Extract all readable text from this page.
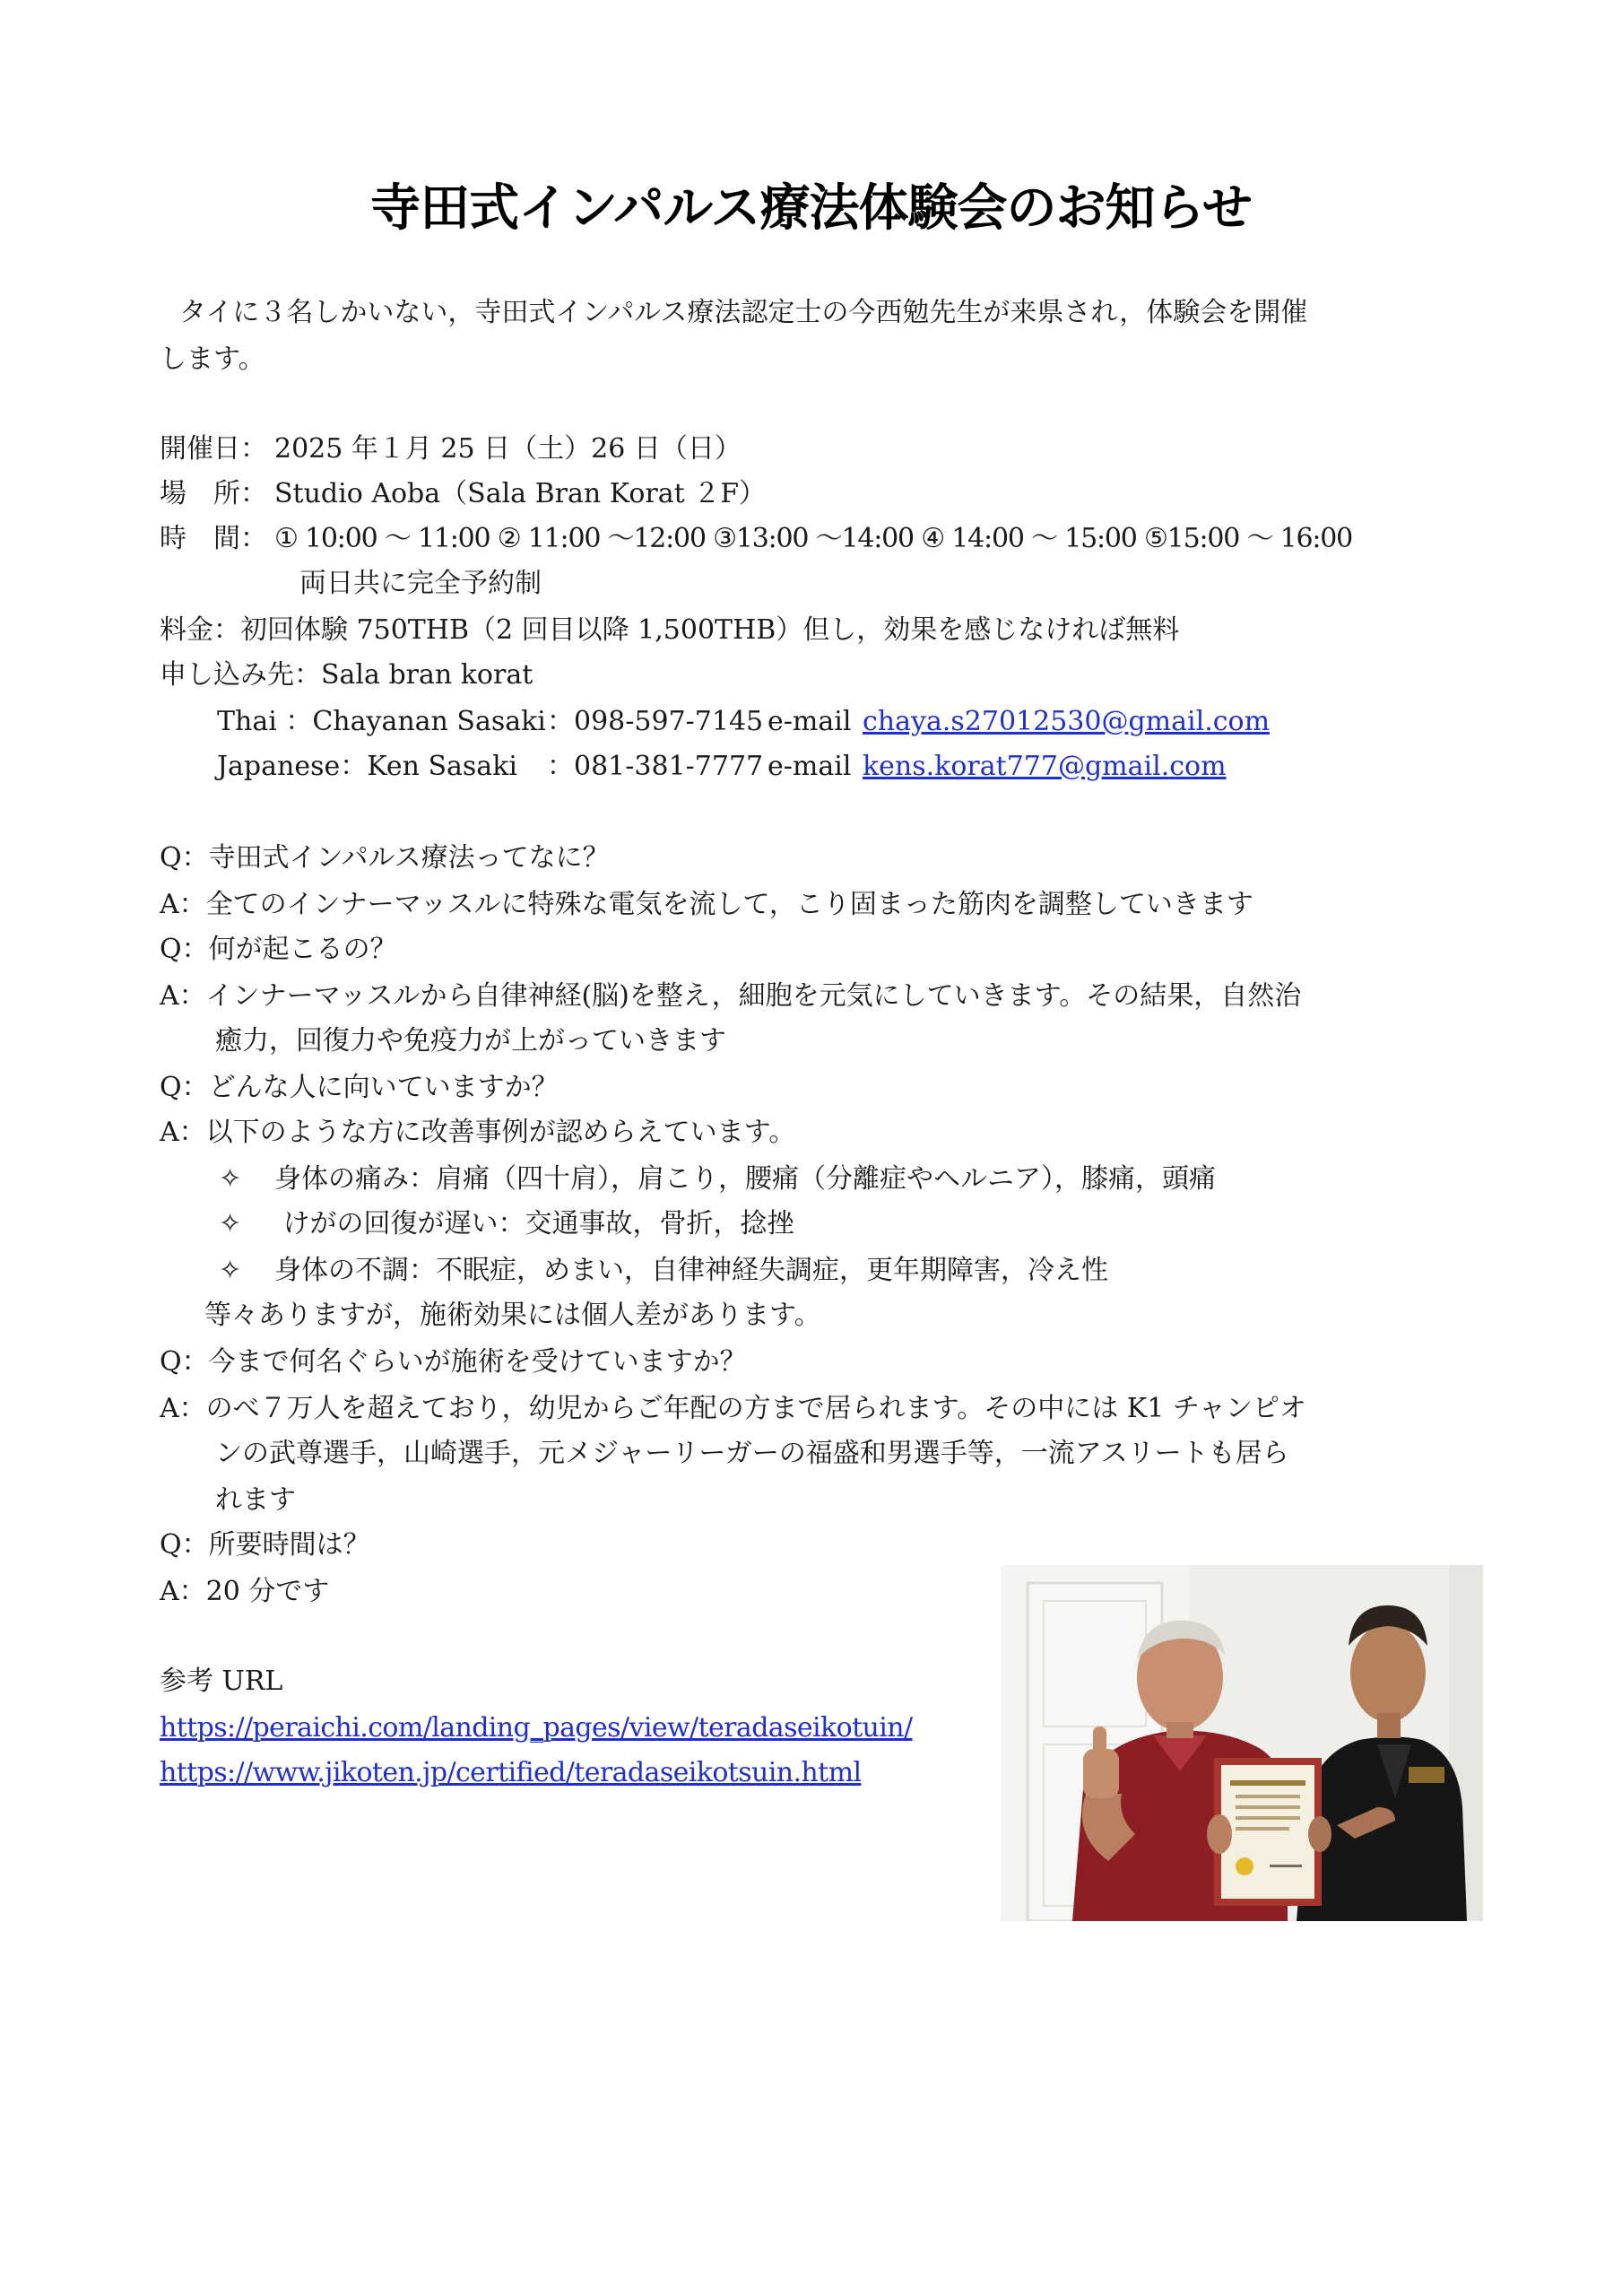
寺田式インパルス療法体験会のお知らせ
タイに３名しかいない，寺田式インパルス療法認定士の今西勉先生が来県され，体験会を開催
します。
開催日： 2025 年１月 25 日（土）26 日（日）
場　所： Studio Aoba（Sala Bran Korat ２F）
時　間： ① 10:00 ～ 11:00 ② 11:00 ～12:00 ③13:00 ～14:00 ④ 14:00 ～ 15:00 ⑤15:00 ～ 16:00
両日共に完全予約制
料金：初回体験 750THB（2 回目以降 1,500THB）但し，効果を感じなければ無料
申し込み先：Sala bran korat
Thai ：Chayanan Sasaki ：098-597-7145 e-mail chaya.s27012530@gmail.com
Japanese：Ken Sasaki ：081-381-7777 e-mail kens.korat777@gmail.com
Q：寺田式インパルス療法ってなに？
A：全てのインナーマッスルに特殊な電気を流して，こり固まった筋肉を調整していきます
Q：何が起こるの？
A：インナーマッスルから自律神経(脳)を整え，細胞を元気にしていきます。その結果，自然治
癒力，回復力や免疫力が上がっていきます
Q：どんな人に向いていますか？
A：以下のような方に改善事例が認めらえています。
✧ 身体の痛み：肩痛（四十肩），肩こり，腰痛（分離症やヘルニア），膝痛，頭痛
✧ けがの回復が遅い：交通事故，骨折，捻挫
✧ 身体の不調：不眠症，めまい，自律神経失調症，更年期障害，冷え性
等々ありますが，施術効果には個人差があります。
Q：今まで何名ぐらいが施術を受けていますか？
A：のべ７万人を超えており，幼児からご年配の方まで居られます。その中には K1 チャンピオ
ンの武尊選手，山崎選手，元メジャーリーガーの福盛和男選手等，一流アスリートも居ら
れます
Q：所要時間は？
A：20 分です
参考 URL
https://peraichi.com/landing_pages/view/teradaseikotuin/
https://www.jikoten.jp/certified/teradaseikotsuin.html
